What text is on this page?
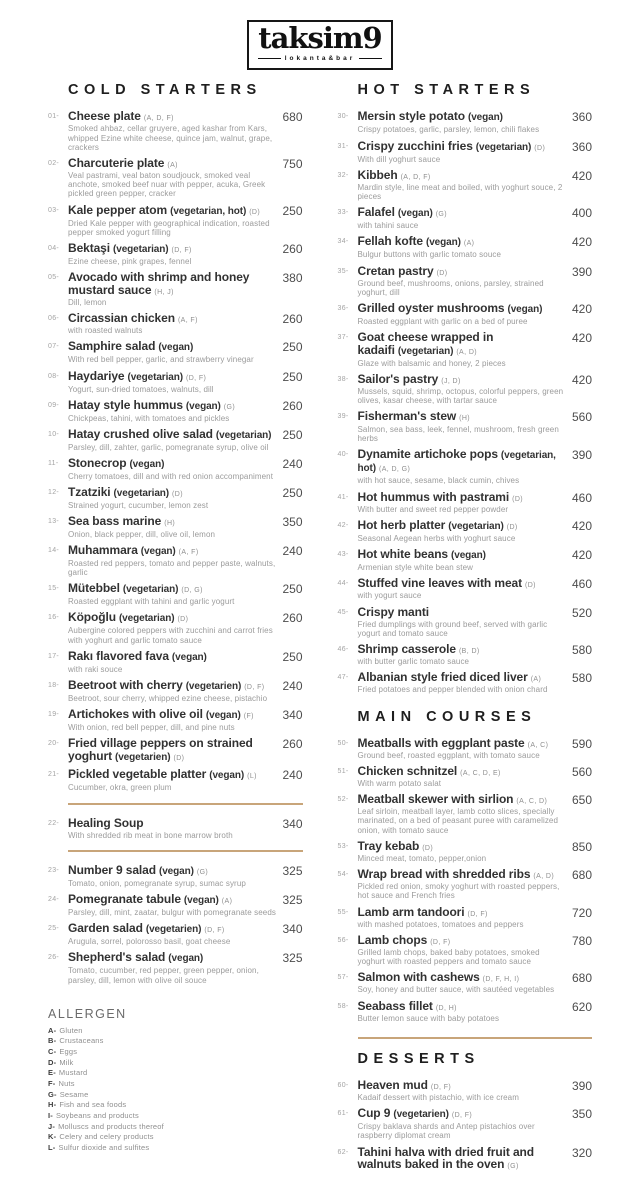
taksim9
lokanta&bar
COLD STARTERS
01- Cheese plate (A, D, F)
Smoked ahbaz, cellar gruyere, aged kashar from Kars, whipped Ezine white cheese, quince jam, walnut, grape, crackers
680
02- Charcuterie plate (A)
Veal pastrami, veal baton soudjouck, smoked veal anchote, smoked beef nuar with pepper, acuka, Greek pickled green pepper, cracker
750
03- Kale pepper atom (vegetarian, hot) (D)
Dried Kale pepper with geographical indication, roasted pepper smoked yogurt filling
250
04- Bektaşi (vegetarian) (D, F)
Ezine cheese, pink grapes, fennel
260
05- Avocado with shrimp and honey mustard sauce (H, J)
Dill, lemon
380
06- Circassian chicken (A, F)
with roasted walnuts
260
07- Samphire salad (vegan)
With red bell pepper, garlic, and strawberry vinegar
250
08- Haydariye (vegetarian) (D, F)
Yogurt, sun-dried tomatoes, walnuts, dill
250
09- Hatay style hummus (vegan) (G)
Chickpeas, tahini, with tomatoes and pickles
260
10- Hatay crushed olive salad (vegetarian)
Parsley, dill, zahter, garlic, pomegranate syrup, olive oil
250
11- Stonecrop (vegan)
Cherry tomatoes, dill and with red onion accompaniment
240
12- Tzatziki (vegetarian) (D)
Strained yogurt, cucumber, lemon zest
250
13- Sea bass marine (H)
Onion, black pepper, dill, olive oil, lemon
350
14- Muhammara (vegan) (A, F)
Roasted red peppers, tomato and pepper paste, walnuts, garlic
240
15- Mütebbel (vegetarian) (D, G)
Roasted eggplant with tahini and garlic yogurt
250
16- Köpoğlu (vegetarian) (D)
Aubergine colored peppers with zucchini and carrot fries with yoghurt and garlic tomato sauce
260
17- Rakı flavored fava (vegan)
with raki souce
250
18- Beetroot with cherry (vegetarien) (D, F)
Beetroot, sour cherry, whipped ezine cheese, pistachio
240
19- Artichokes with olive oil (vegan) (F)
With onion, red bell pepper, dill, and pine nuts
340
20- Fried village peppers on strained yoghurt (vegetarien) (D)
260
21- Pickled vegetable platter (vegan) (L)
Cucumber, okra, green plum
240
22- Healing Soup
With shredded rib meat in bone marrow broth
340
23- Number 9 salad (vegan) (G)
Tomato, onion, pomegranate syrup, sumac syrup
325
24- Pomegranate tabule (vegan) (A)
Parsley, dill, mint, zaatar, bulgur with pomegranate seeds
325
25- Garden salad (vegetarien) (D, F)
Arugula, sorrel, polorosso basil, goat cheese
340
26- Shepherd's salad (vegan)
Tomato, cucumber, red pepper, green pepper, onion, parsley, dill, lemon with olive oil souce
325
ALLERGEN
A- Gluten
B- Crustaceans
C- Eggs
D- Milk
E- Mustard
F- Nuts
G- Sesame
H- Fish and sea foods
I- Soybeans and products
J- Molluscs and products thereof
K- Celery and celery products
L- Sulfur dioxide and sulfites
HOT STARTERS
30- Mersin style potato (vegan)
Crispy potatoes, garlic, parsley, lemon, chili flakes
360
31- Crispy zucchini fries (vegetarian) (D)
With dill yoghurt sauce
360
32- Kibbeh (A, D, F)
Mardin style, line meat and boiled, with yoghurt souce, 2 pieces
420
33- Falafel (vegan) (G)
with tahini sauce
400
34- Fellah kofte (vegan) (A)
Bulgur buttons with garlic tomato souce
420
35- Cretan pastry (D)
Ground beef, mushrooms, onions, parsley, strained yoghurt, dill
390
36- Grilled oyster mushrooms (vegan)
Roasted eggplant with garlic on a bed of puree
420
37- Goat cheese wrapped in kadaifi (vegetarian) (A, D)
Glaze with balsamic and honey, 2 pieces
420
38- Sailor's pastry (J, D)
Mussels, squid, shrimp, octopus, colorful peppers, green olives, kasar cheese, with tartar sauce
420
39- Fisherman's stew (H)
Salmon, sea bass, leek, fennel, mushroom, fresh green herbs
560
40- Dynamite artichoke pops (vegetarian, hot) (A, D, G)
with hot sauce, sesame, black cumin, chives
390
41- Hot hummus with pastrami (D)
With butter and sweet red pepper powder
460
42- Hot herb platter (vegetarian) (D)
Seasonal Aegean herbs with yoghurt sauce
420
43- Hot white beans (vegan)
Armenian style white bean stew
420
44- Stuffed vine leaves with meat (D)
with yogurt sauce
460
45- Crispy manti
Fried dumplings with ground beef, served with garlic yogurt and tomato sauce
520
46- Shrimp casserole (B, D)
with butter garlic tomato sauce
580
47- Albanian style fried diced liver (A)
Fried potatoes and pepper blended with onion chard
580
MAIN COURSES
50- Meatballs with eggplant paste (A, C)
Ground beef, roasted eggplant, with tomato sauce
590
51- Chicken schnitzel (A, C, D, E)
With warm potato salat
560
52- Meatball skewer with sirlion (A, C, D)
Leaf sirloin, meatball layer, lamb cotto slices, specially marinated, on a bed of peasant puree with caramelized onion, with tomato sauce
650
53- Tray kebab (D)
Minced meat, tomato, pepper,onion
850
54- Wrap bread with shredded ribs (A, D)
Pickled red onion, smoky yoghurt with roasted peppers, hot sauce and French fries
680
55- Lamb arm tandoori (D, F)
with mashed potatoes, tomatoes and peppers
720
56- Lamb chops (D, F)
Grilled lamb chops, baked baby potatoes, smoked yoghurt with roasted peppers and tomato sauce
780
57- Salmon with cashews (D, F, H, I)
Soy, honey and butter sauce, with sautéed vegetables
680
58- Seabass fillet (D, H)
Butter lemon sauce with baby potatoes
620
DESSERTS
60- Heaven mud (D, F)
Kadaif dessert with pistachio, with ice cream
390
61- Cup 9 (vegetarien) (D, F)
Crispy baklava shards and Antep pistachios over raspberry diplomat cream
350
62- Tahini halva with dried fruit and walnuts baked in the oven (G)
320
